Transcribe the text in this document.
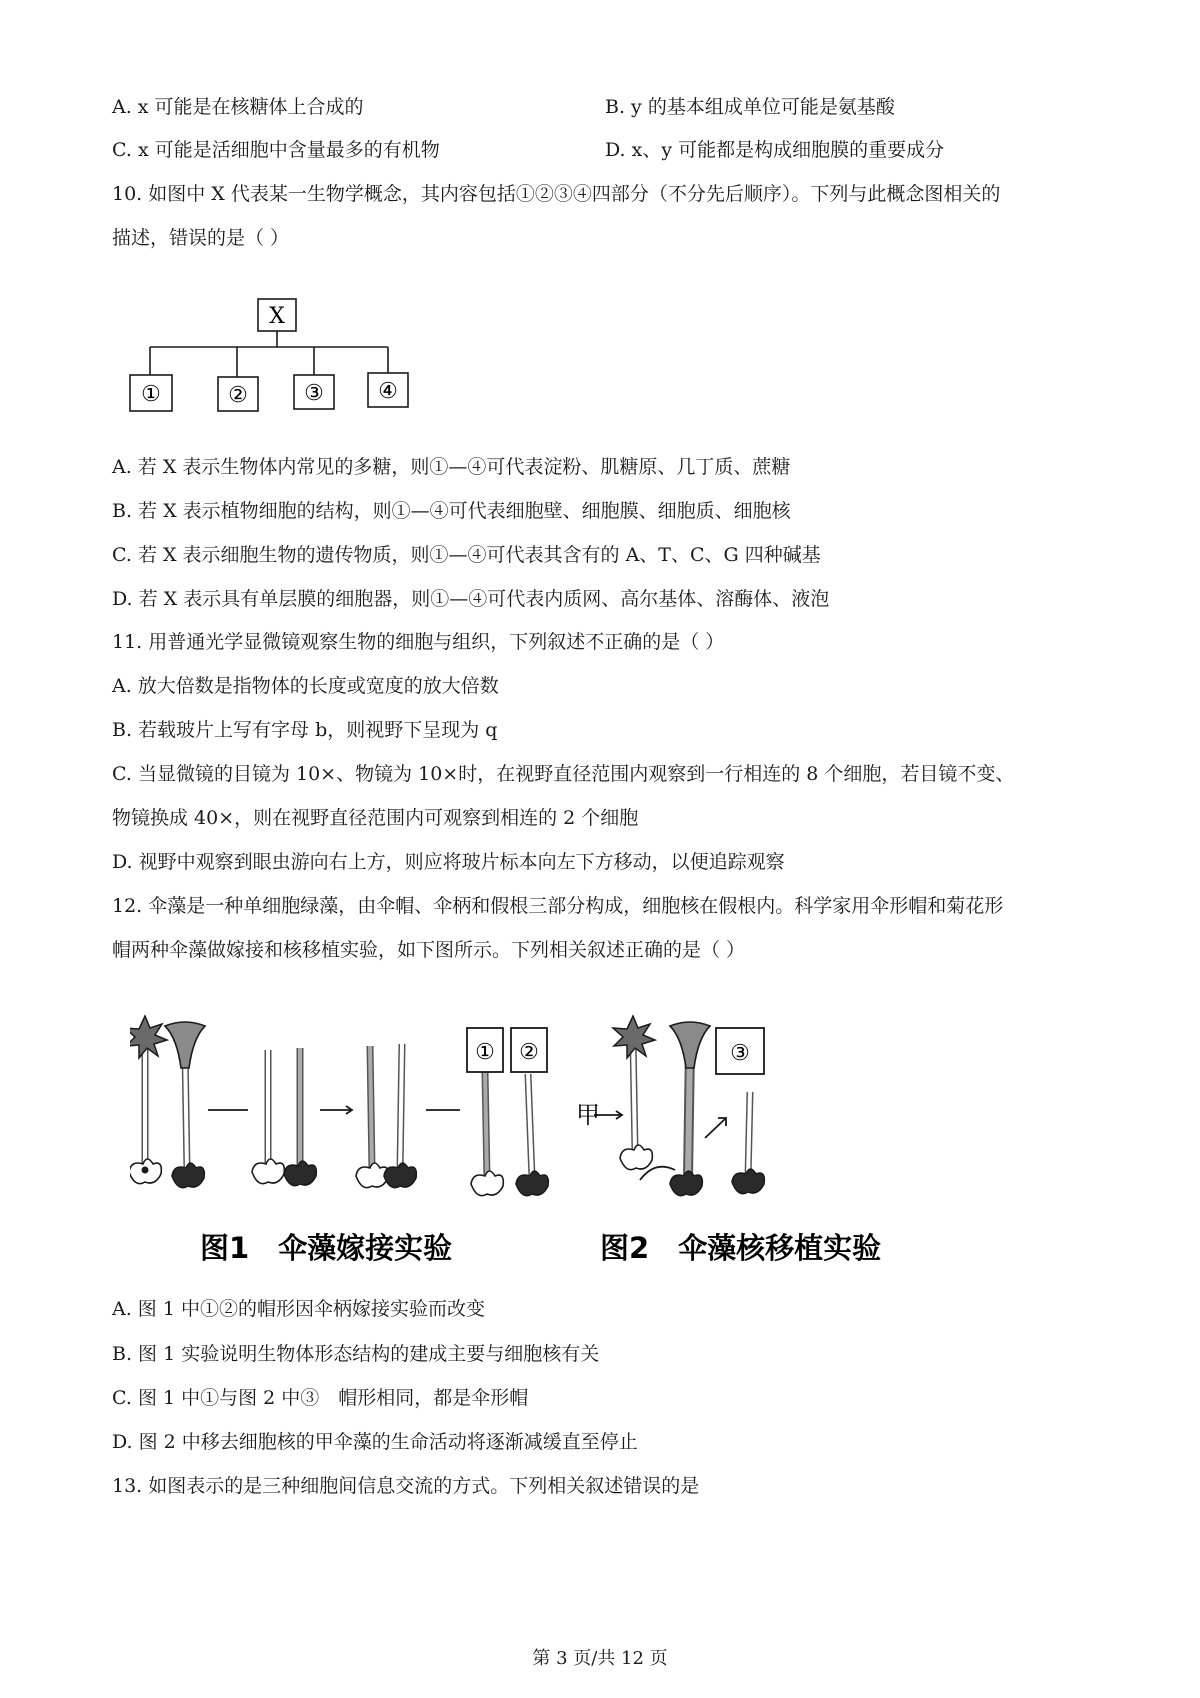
A. x 可能是在核糖体上合成的	B. y 的基本组成单位可能是氨基酸
C. x 可能是活细胞中含量最多的有机物	D. x、y 可能都是构成细胞膜的重要成分
10. 如图中 X 代表某一生物学概念，其内容包括①②③④四部分（不分先后顺序）。下列与此概念图相关的
描述，错误的是（ ）
X
①	②	③ ④
A. 若 X 表示生物体内常见的多糖，则①—④可代表淀粉、肌糖原、几丁质、蔗糖
B. 若 X 表示植物细胞的结构，则①—④可代表细胞壁、细胞膜、细胞质、细胞核
C. 若 X 表示细胞生物的遗传物质，则①—④可代表其含有的 A、T、C、G 四种碱基
D. 若 X 表示具有单层膜的细胞器，则①—④可代表内质网、高尔基体、溶酶体、液泡
11. 用普通光学显微镜观察生物的细胞与组织，下列叙述不正确的是（ ）
A. 放大倍数是指物体的长度或宽度的放大倍数
B. 若载玻片上写有字母 b，则视野下呈现为 q
C. 当显微镜的目镜为 10×、物镜为 10×时，在视野直径范围内观察到一行相连的 8 个细胞，若目镜不变、
物镜换成 40×，则在视野直径范围内可观察到相连的 2 个细胞
D. 视野中观察到眼虫游向右上方，则应将玻片标本向左下方移动，以便追踪观察
12. 伞藻是一种单细胞绿藻，由伞帽、伞柄和假根三部分构成，细胞核在假根内。科学家用伞形帽和菊花形
帽两种伞藻做嫁接和核移植实验，如下图所示。下列相关叙述正确的是（ ）
① ②	③
甲
图1　伞藻嫁接实验	图2　伞藻核移植实验
A. 图 1 中①②的帽形因伞柄嫁接实验而改变
B. 图 1 实验说明生物体形态结构的建成主要与细胞核有关
C. 图 1 中①与图 2 中③　帽形相同，都是伞形帽
D. 图 2 中移去细胞核的甲伞藻的生命活动将逐渐减缓直至停止
13. 如图表示的是三种细胞间信息交流的方式。下列相关叙述错误的是
第 3 页/共 12 页
